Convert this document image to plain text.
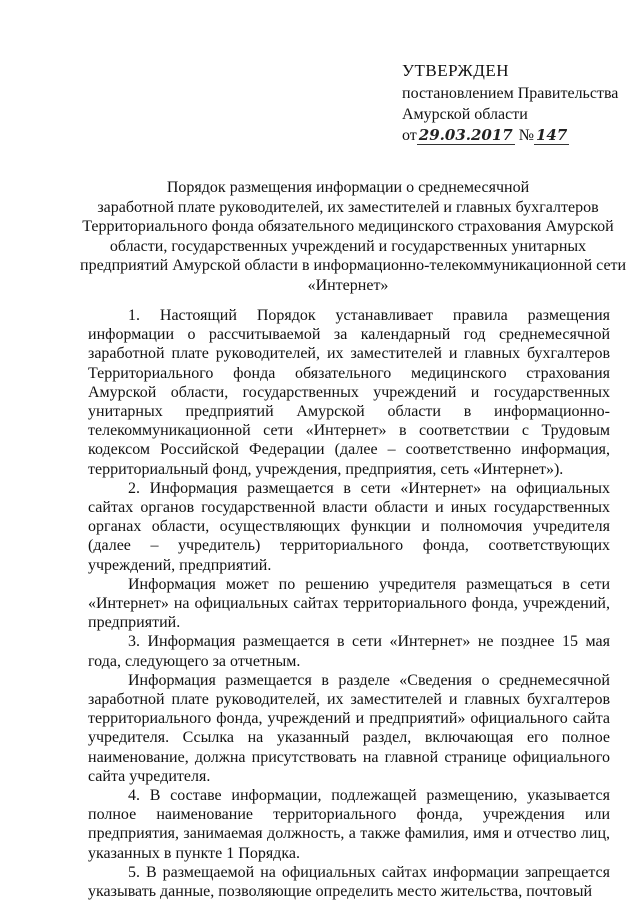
УТВЕРЖДЕН
постановлением Правительства
Амурской области
от 29.03.2017 № 147
Порядок размещения информации о среднемесячной
заработной плате руководителей, их заместителей и главных бухгалтеров
Территориального фонда обязательного медицинского страхования Амурской
области, государственных учреждений и государственных унитарных
предприятий Амурской области в информационно-телекоммуникационной сети
«Интернет»

1. Настоящий Порядок устанавливает правила размещения информации о рассчитываемой за календарный год среднемесячной заработной плате руководителей, их заместителей и главных бухгалтеров Территориального фонда обязательного медицинского страхования Амурской области, государственных учреждений и государственных унитарных предприятий Амурской области в информационно-телекоммуникационной сети «Интернет» в соответствии с Трудовым кодексом Российской Федерации (далее – соответственно информация, территориальный фонд, учреждения, предприятия, сеть «Интернет»).

2. Информация размещается в сети «Интернет» на официальных сайтах органов государственной власти области и иных государственных органах области, осуществляющих функции и полномочия учредителя (далее – учредитель) территориального фонда, соответствующих учреждений, предприятий.

Информация может по решению учредителя размещаться в сети «Интернет» на официальных сайтах территориального фонда, учреждений, предприятий.

3. Информация размещается в сети «Интернет» не позднее 15 мая года, следующего за отчетным.

Информация размещается в разделе «Сведения о среднемесячной заработной плате руководителей, их заместителей и главных бухгалтеров территориального фонда, учреждений и предприятий» официального сайта учредителя. Ссылка на указанный раздел, включающая его полное наименование, должна присутствовать на главной странице официального сайта учредителя.

4. В составе информации, подлежащей размещению, указывается полное наименование территориального фонда, учреждения или предприятия, занимаемая должность, а также фамилия, имя и отчество лиц, указанных в пункте 1 Порядка.

5. В размещаемой на официальных сайтах информации запрещается указывать данные, позволяющие определить место жительства, почтовый
